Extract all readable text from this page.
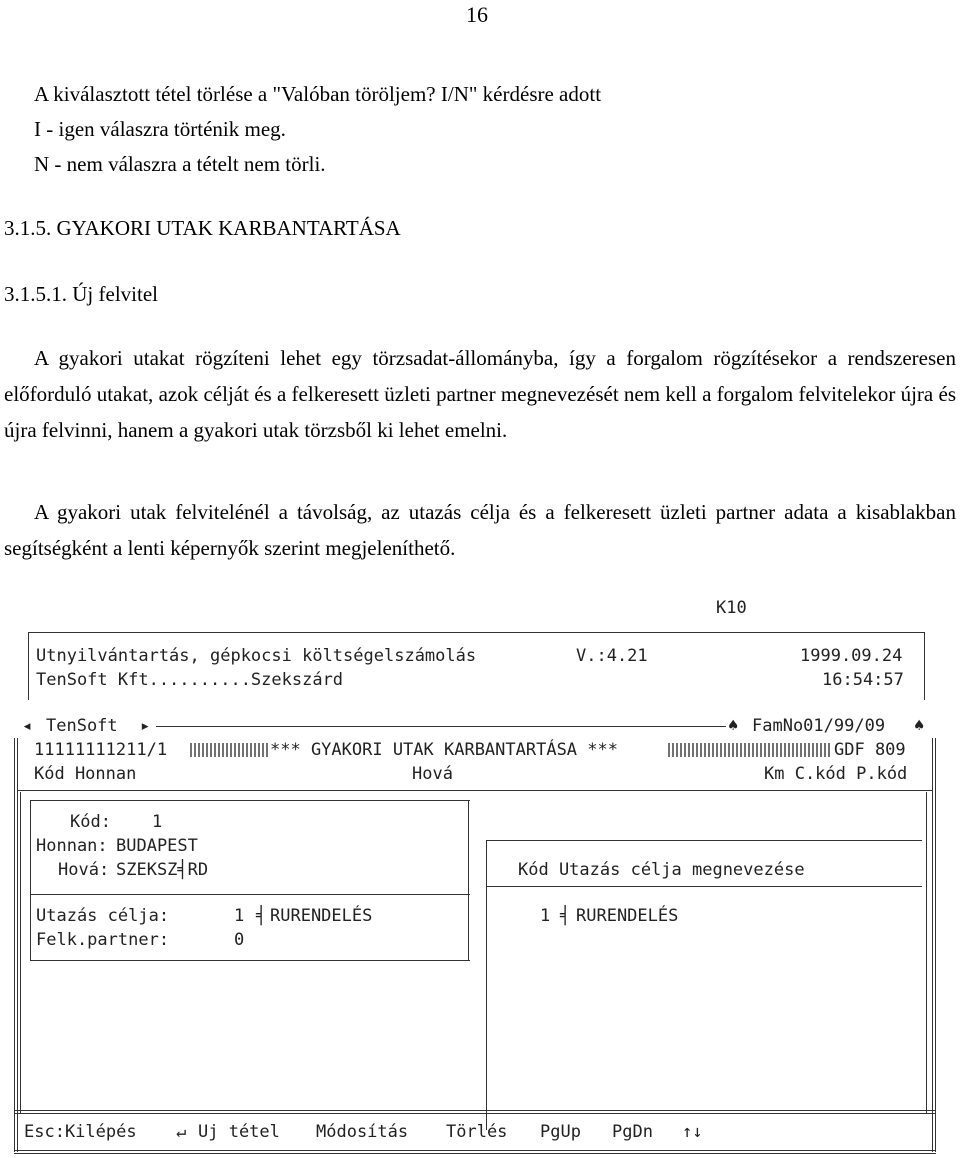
16
A kiválasztott tétel törlése a "Valóban töröljem? I/N" kérdésre adott
I - igen válaszra történik meg.
N - nem válaszra a tételt nem törli.
3.1.5. GYAKORI UTAK KARBANTARTÁSA
3.1.5.1. Új felvitel
A gyakori utakat rögzíteni lehet egy törzsadat-állományba, így a forgalom rögzítésekor a rendszeresen előforduló utakat, azok célját és a felkeresett üzleti partner megnevezését nem kell a forgalom felvitelekor újra és újra felvinni, hanem a gyakori utak törzsből ki lehet emelni.
A gyakori utak felvitelénél a távolság, az utazás célja és a felkeresett üzleti partner adata a kisablakban segítségként a lenti képernyők szerint megjeleníthető.
K10
Utnyilvántartás, gépkocsi költségelszámolás	V.:4.21	1999.09.24
TenSoft Kft..........Szekszárd	16:54:57
◂ TenSoft ▸	♠ FamNo01/99/09 ♠
11111111211/1	*** GYAKORI UTAK KARBANTARTÁSA ***	GDF 809
Kód Honnan	Hová	Km C.kód P.kód
Kód: 1
Honnan: BUDAPEST
Hová: SZEKSZ╡RD
Utazás célja:	1 ╡ RURENDELÉS
Felk.partner:	0
Kód Utazás célja megnevezése
1 ╡ RURENDELÉS
Esc:Kilépés ↵ Uj tétel Módosítás Törlés PgUp PgDn ↑↓
